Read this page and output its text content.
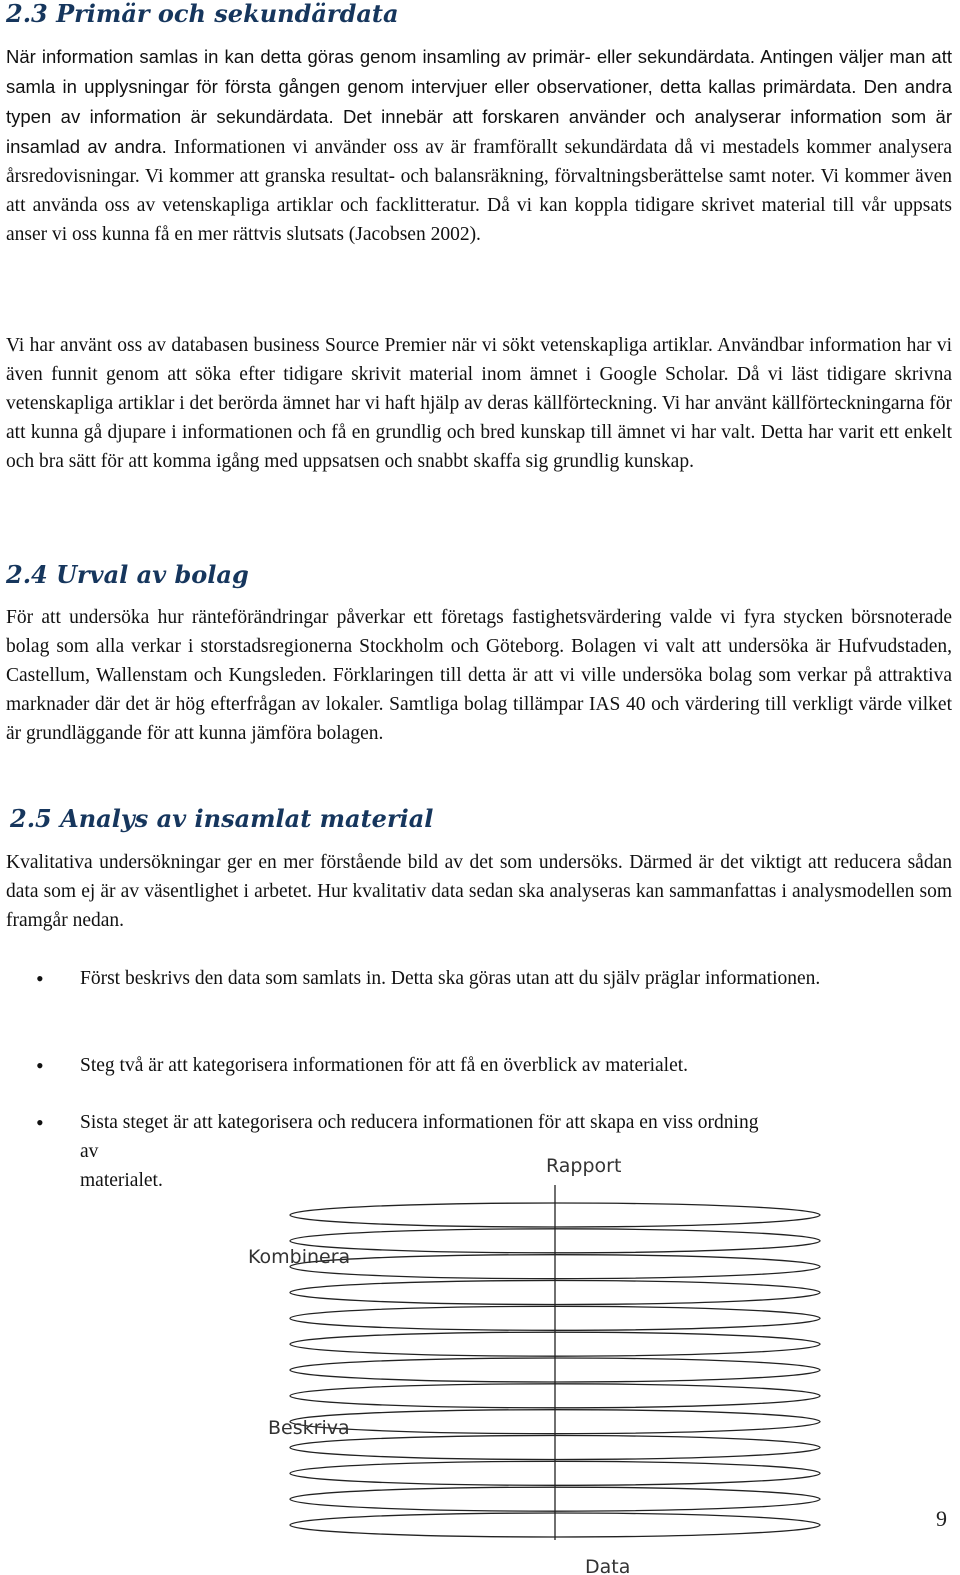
2.3 Primär och sekundärdata

När information samlas in kan detta göras genom insamling av primär- eller sekundärdata. Antingen väljer man att samla in upplysningar för första gången genom intervjuer eller observationer, detta kallas primärdata. Den andra typen av information är sekundärdata. Det innebär att forskaren använder och analyserar information som är insamlad av andra. Informationen vi använder oss av är framförallt sekundärdata då vi mestadels kommer analysera årsredovisningar. Vi kommer att granska resultat- och balansräkning, förvaltningsberättelse samt noter. Vi kommer även att använda oss av vetenskapliga artiklar och facklitteratur. Då vi kan koppla tidigare skrivet material till vår uppsats anser vi oss kunna få en mer rättvis slutsats (Jacobsen 2002).

Vi har använt oss av databasen business Source Premier när vi sökt vetenskapliga artiklar. Användbar information har vi även funnit genom att söka efter tidigare skrivit material inom ämnet i Google Scholar. Då vi läst tidigare skrivna vetenskapliga artiklar i det berörda ämnet har vi haft hjälp av deras källförteckning. Vi har använt källförteckningarna för att kunna gå djupare i informationen och få en grundlig och bred kunskap till ämnet vi har valt. Detta har varit ett enkelt och bra sätt för att komma igång med uppsatsen och snabbt skaffa sig grundlig kunskap.

2.4 Urval av bolag

För att undersöka hur ränteförändringar påverkar ett företags fastighetsvärdering valde vi fyra stycken börsnoterade bolag som alla verkar i storstadsregionerna Stockholm och Göteborg. Bolagen vi valt att undersöka är Hufvudstaden, Castellum, Wallenstam och Kungsleden. Förklaringen till detta är att vi ville undersöka bolag som verkar på attraktiva marknader där det är hög efterfrågan av lokaler. Samtliga bolag tillämpar IAS 40 och värdering till verkligt värde vilket är grundläggande för att kunna jämföra bolagen.

2.5 Analys av insamlat material

Kvalitativa undersökningar ger en mer förstående bild av det som undersöks. Därmed är det viktigt att reducera sådan data som ej är av väsentlighet i arbetet. Hur kvalitativ data sedan ska analyseras kan sammanfattas i analysmodellen som framgår nedan.

• Först beskrivs den data som samlats in. Detta ska göras utan att du själv präglar informationen.

• Steg två är att kategorisera informationen för att få en överblick av materialet.

• Sista steget är att kategorisera och reducera informationen för att skapa en viss ordning

av
materialet.
Rapport
Kombinera
Beskriva
Data
9
